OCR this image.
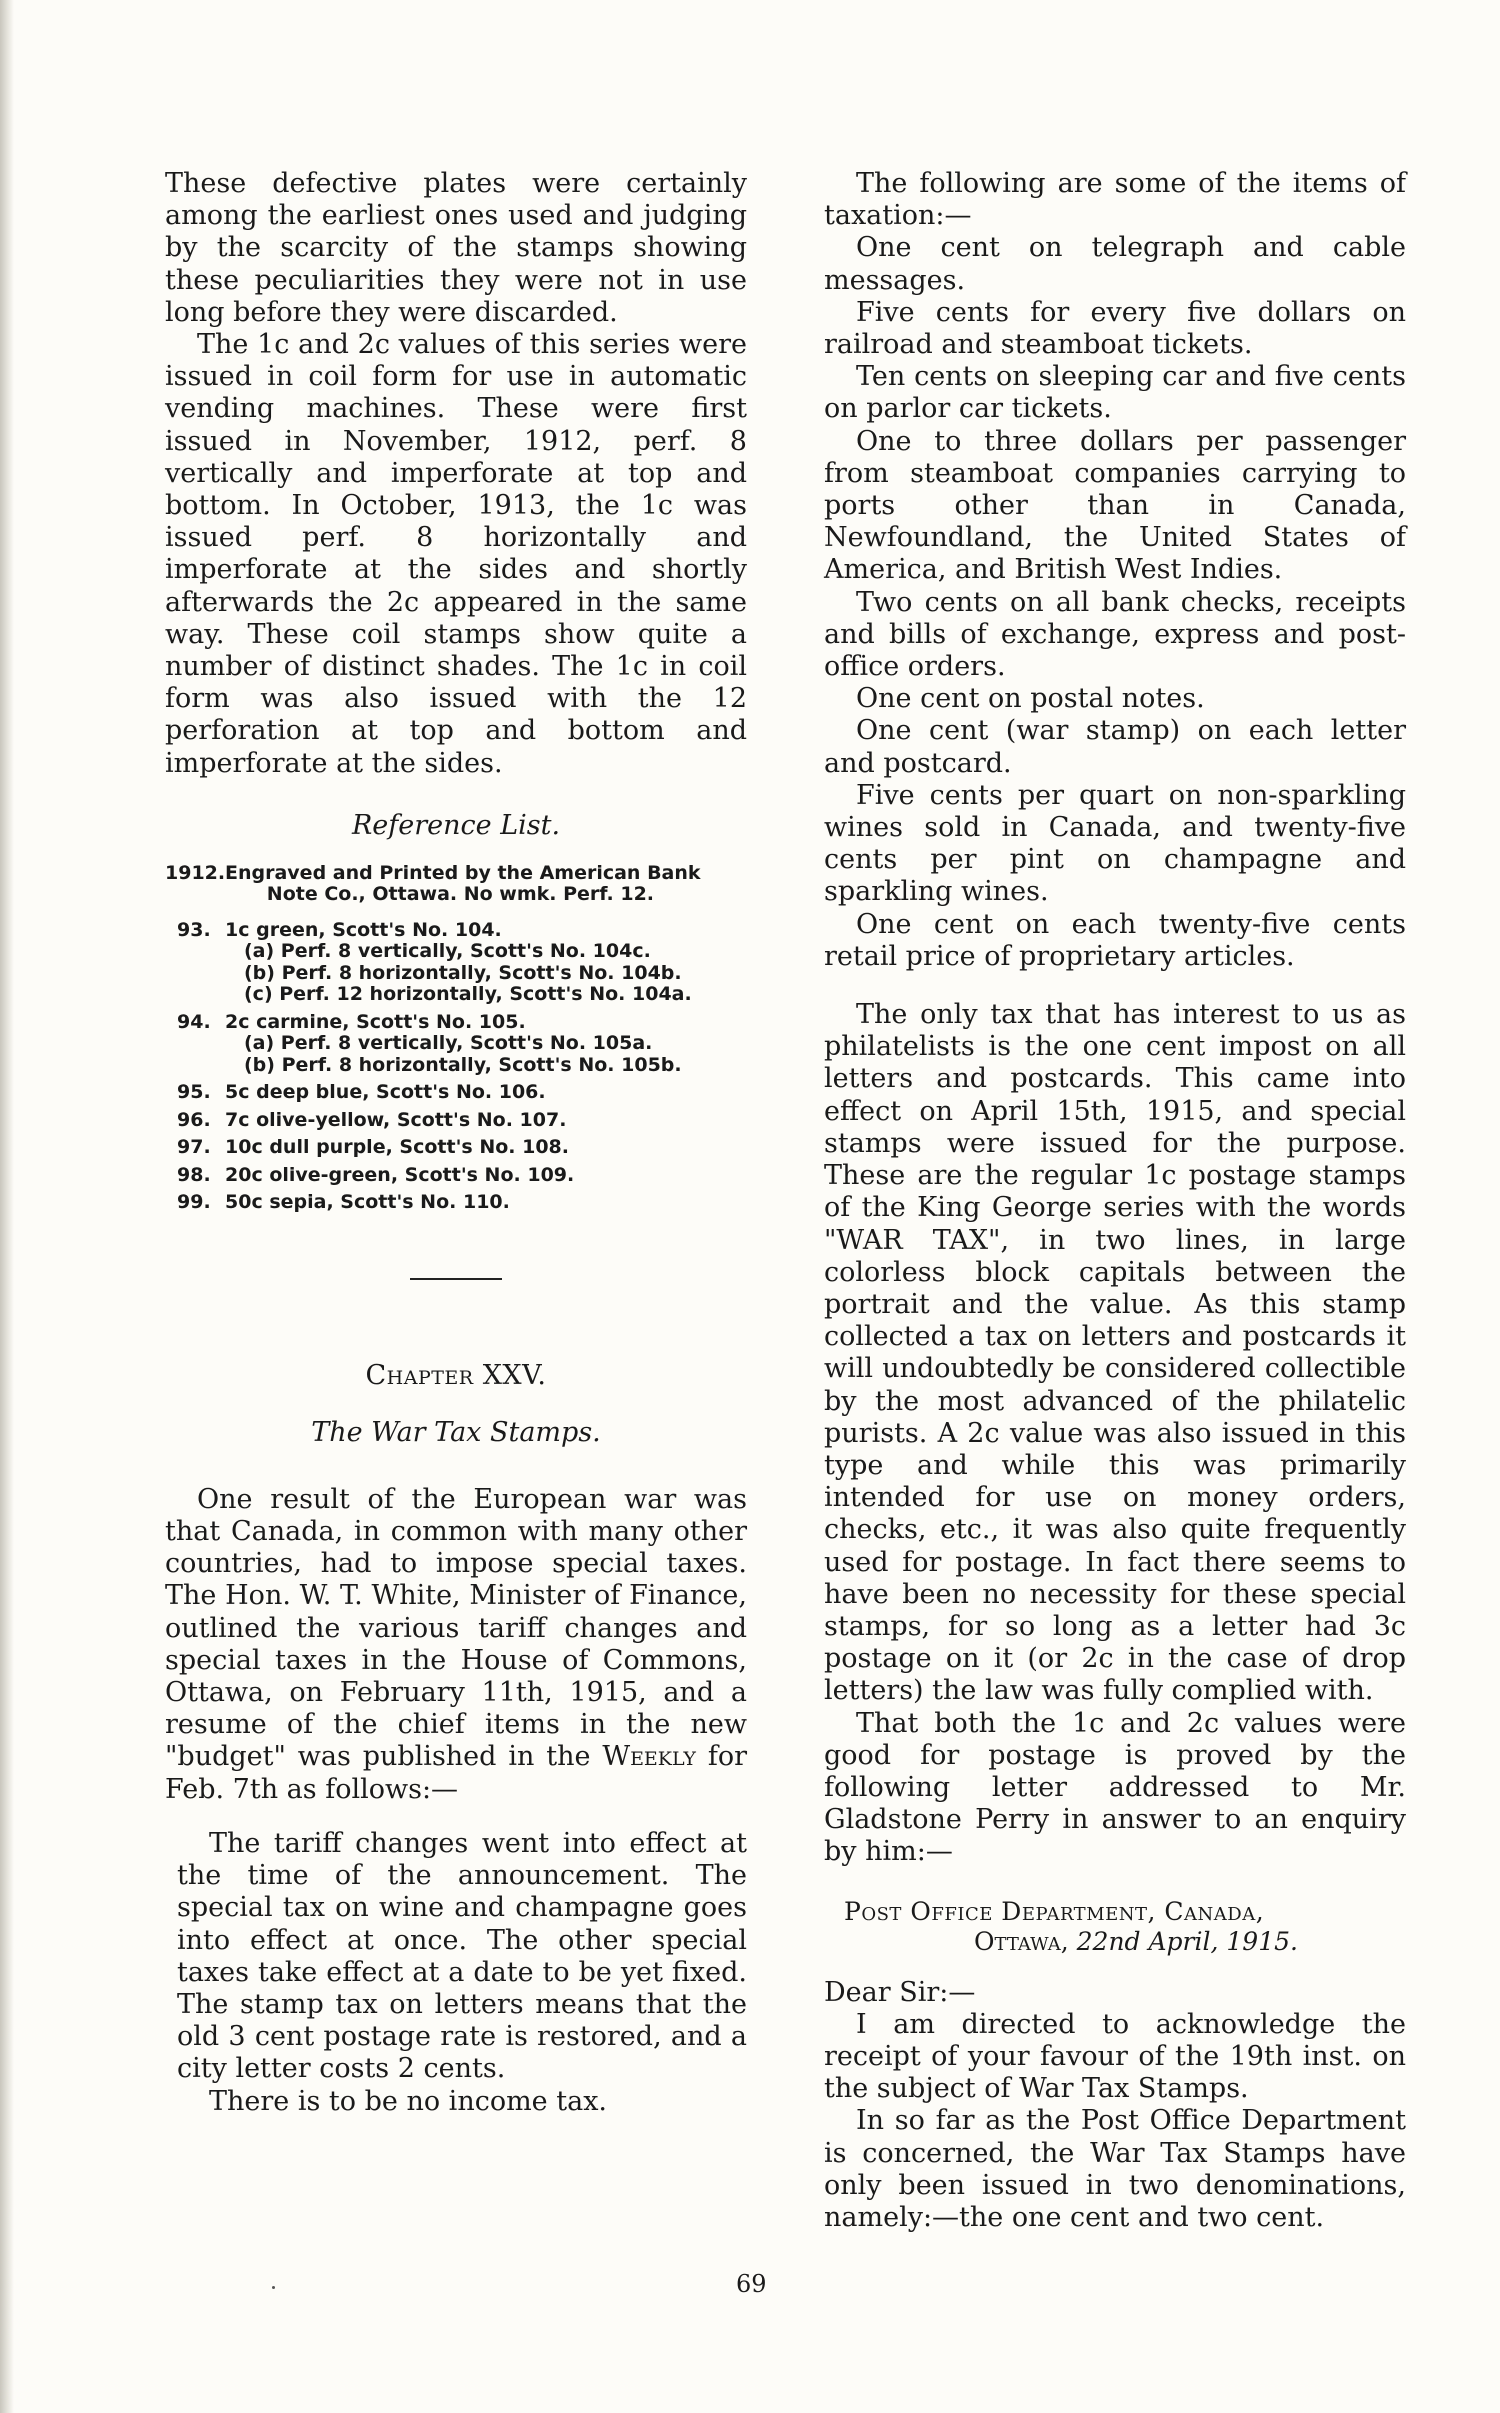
These defective plates were certainly among the earliest ones used and judging by the scarcity of the stamps showing these peculiarities they were not in use long before they were discarded.

The 1c and 2c values of this series were issued in coil form for use in automatic vending machines. These were first issued in November, 1912, perf. 8 vertically and imperforate at top and bottom. In October, 1913, the 1c was issued perf. 8 horizontally and imperforate at the sides and shortly afterwards the 2c appeared in the same way. These coil stamps show quite a number of distinct shades. The 1c in coil form was also issued with the 12 perforation at top and bottom and imperforate at the sides.

Reference List.
1912. Engraved and Printed by the American Bank Note Co., Ottawa. No wmk. Perf. 12.
93. 1c green, Scott's No. 104.
(a) Perf. 8 vertically, Scott's No. 104c.
(b) Perf. 8 horizontally, Scott's No. 104b.
(c) Perf. 12 horizontally, Scott's No. 104a.
94. 2c carmine, Scott's No. 105.
(a) Perf. 8 vertically, Scott's No. 105a.
(b) Perf. 8 horizontally, Scott's No. 105b.
95. 5c deep blue, Scott's No. 106.
96. 7c olive-yellow, Scott's No. 107.
97. 10c dull purple, Scott's No. 108.
98. 20c olive-green, Scott's No. 109.
99. 50c sepia, Scott's No. 110.
Chapter XXV.
The War Tax Stamps.

One result of the European war was that Canada, in common with many other countries, had to impose special taxes. The Hon. W. T. White, Minister of Finance, outlined the various tariff changes and special taxes in the House of Commons, Ottawa, on February 11th, 1915, and a resume of the chief items in the new "budget" was published in the Weekly for Feb. 7th as follows:—

The tariff changes went into effect at the time of the announcement. The special tax on wine and champagne goes into effect at once. The other special taxes take effect at a date to be yet fixed. The stamp tax on letters means that the old 3 cent postage rate is restored, and a city letter costs 2 cents.

There is to be no income tax.

The following are some of the items of taxation:—

One cent on telegraph and cable messages.

Five cents for every five dollars on railroad and steamboat tickets.

Ten cents on sleeping car and five cents on parlor car tickets.

One to three dollars per passenger from steamboat companies carrying to ports other than in Canada, Newfoundland, the United States of America, and British West Indies.

Two cents on all bank checks, receipts and bills of exchange, express and post-office orders.

One cent on postal notes.

One cent (war stamp) on each letter and postcard.

Five cents per quart on non-sparkling wines sold in Canada, and twenty-five cents per pint on champagne and sparkling wines.

One cent on each twenty-five cents retail price of proprietary articles.

The only tax that has interest to us as philatelists is the one cent impost on all letters and postcards. This came into effect on April 15th, 1915, and special stamps were issued for the purpose. These are the regular 1c postage stamps of the King George series with the words "WAR TAX", in two lines, in large colorless block capitals between the portrait and the value. As this stamp collected a tax on letters and postcards it will undoubtedly be considered collectible by the most advanced of the philatelic purists. A 2c value was also issued in this type and while this was primarily intended for use on money orders, checks, etc., it was also quite frequently used for postage. In fact there seems to have been no necessity for these special stamps, for so long as a letter had 3c postage on it (or 2c in the case of drop letters) the law was fully complied with.

That both the 1c and 2c values were good for postage is proved by the following letter addressed to Mr. Gladstone Perry in answer to an enquiry by him:—

Post Office Department, Canada,
Ottawa, 22nd April, 1915.

Dear Sir:—

I am directed to acknowledge the receipt of your favour of the 19th inst. on the subject of War Tax Stamps.

In so far as the Post Office Department is concerned, the War Tax Stamps have only been issued in two denominations, namely:—the one cent and two cent.

69
